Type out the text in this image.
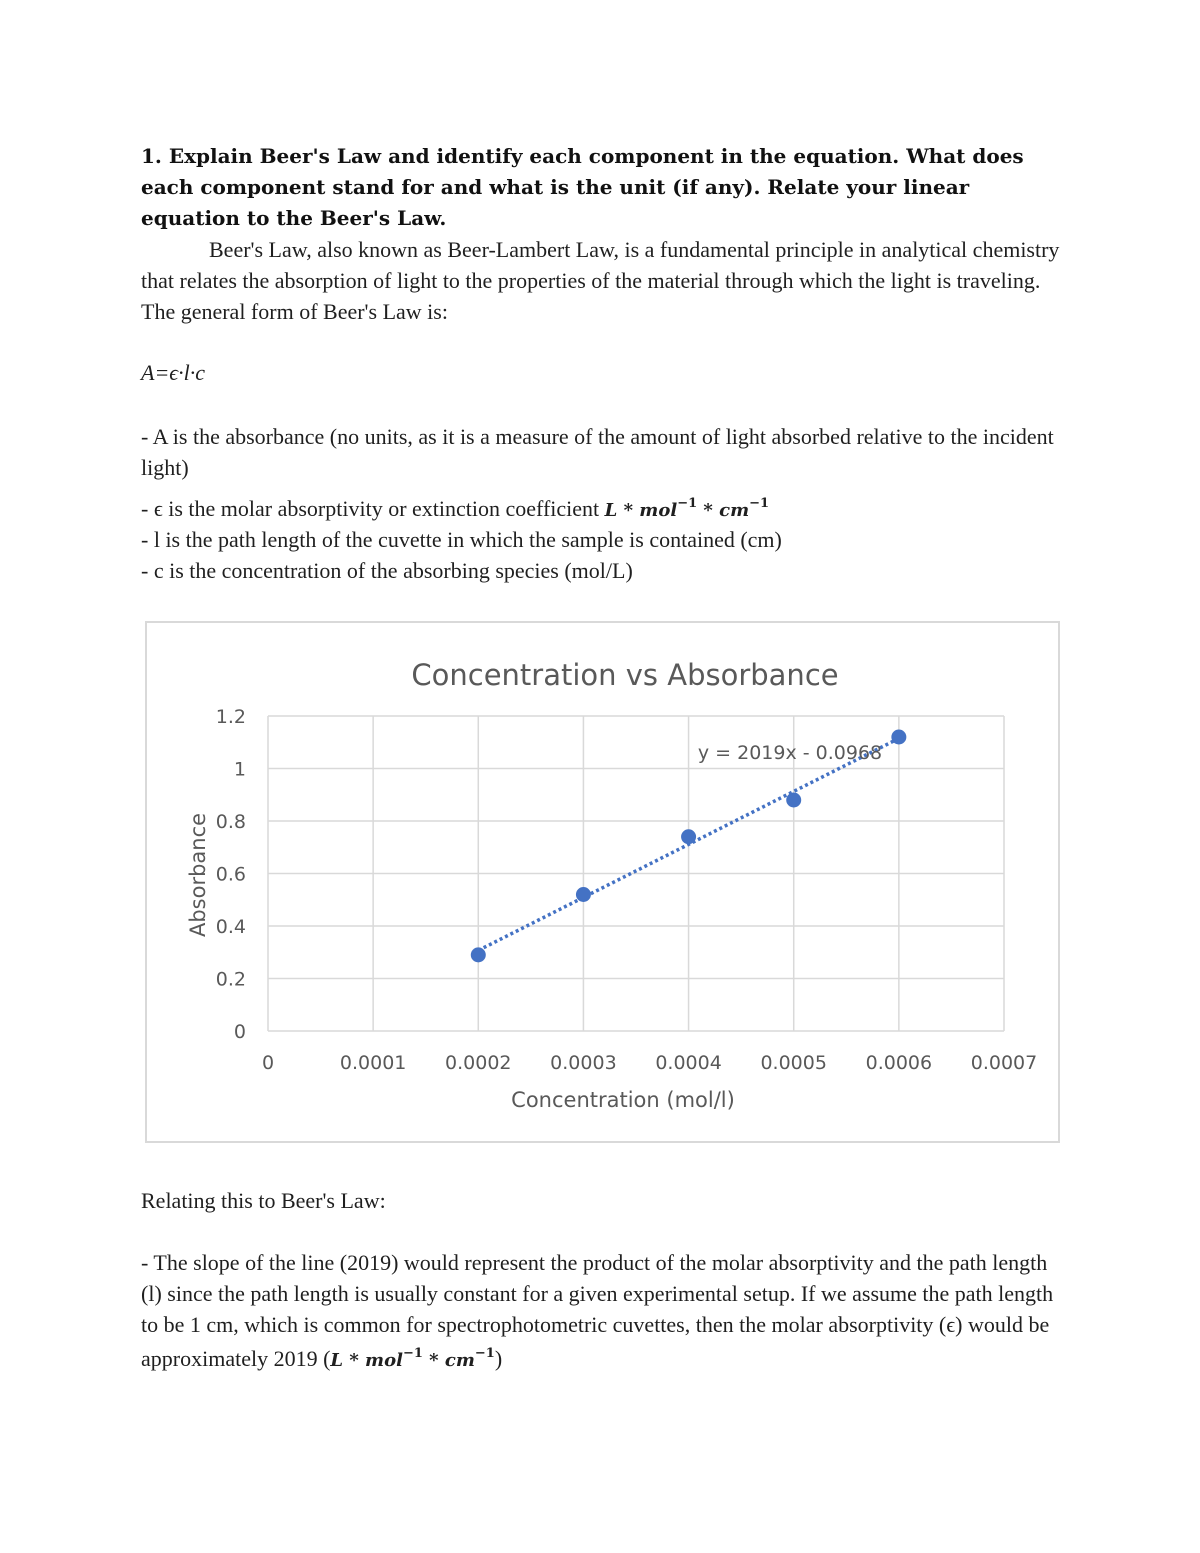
1. Explain Beer's Law and identify each component in the equation. What does each component stand for and what is the unit (if any). Relate your linear equation to the Beer's Law.

Beer's Law, also known as Beer-Lambert Law, is a fundamental principle in analytical chemistry that relates the absorption of light to the properties of the material through which the light is traveling. The general form of Beer's Law is:

A=ϵ·l·c

- A is the absorbance (no units, as it is a measure of the amount of light absorbed relative to the incident light)

- ϵ is the molar absorptivity or extinction coefficient L * $mol^{-1} * cm^{-1}$

- l is the path length of the cuvette in which the sample is contained (cm)

- c is the concentration of the absorbing species (mol/L)

Concentration vs Absorbance
0
0.2
0.4
0.6
0.8
1
1.2
0	0.0001 0.0002 0.0003 0.0004 0.0005 0.0006 0.0007
y = 2019x - 0.0968
Concentration (mol/l)
Absorbance

Relating this to Beer's Law:

- The slope of the line (2019) would represent the product of the molar absorptivity and the path length (l) since the path length is usually constant for a given experimental setup. If we assume the path length to be 1 cm, which is common for spectrophotometric cuvettes, then the molar absorptivity (ϵ) would be approximately 2019 $(L * mol^{-1} * cm^{-1})$
